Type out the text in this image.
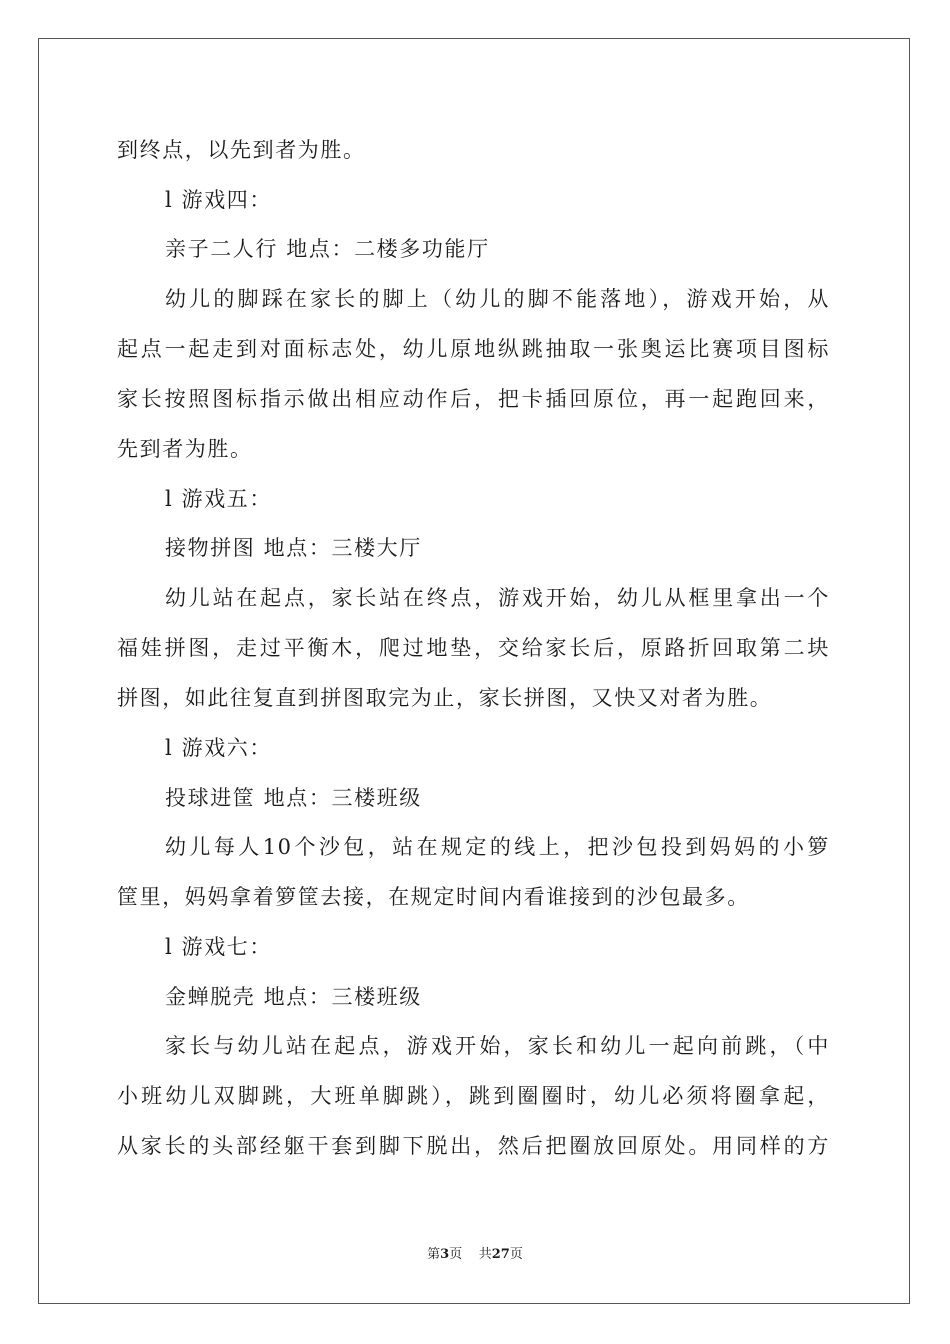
到终点，以先到者为胜。
l 游戏四：
亲子二人行 地点：二楼多功能厅
幼儿的脚踩在家长的脚上（幼儿的脚不能落地），游戏开始，从
起点一起走到对面标志处，幼儿原地纵跳抽取一张奥运比赛项目图标
家长按照图标指示做出相应动作后，把卡插回原位，再一起跑回来，
先到者为胜。
l 游戏五：
接物拼图 地点：三楼大厅
幼儿站在起点，家长站在终点，游戏开始，幼儿从框里拿出一个
福娃拼图，走过平衡木，爬过地垫，交给家长后，原路折回取第二块
拼图，如此往复直到拼图取完为止，家长拼图，又快又对者为胜。
l 游戏六：
投球进筐 地点：三楼班级
幼儿每人10个沙包，站在规定的线上，把沙包投到妈妈的小箩
筐里，妈妈拿着箩筐去接，在规定时间内看谁接到的沙包最多。
l 游戏七：
金蝉脱壳 地点：三楼班级
家长与幼儿站在起点，游戏开始，家长和幼儿一起向前跳，（中
小班幼儿双脚跳，大班单脚跳），跳到圈圈时，幼儿必须将圈拿起，
从家长的头部经躯干套到脚下脱出，然后把圈放回原处。用同样的方
第3页 共27页
